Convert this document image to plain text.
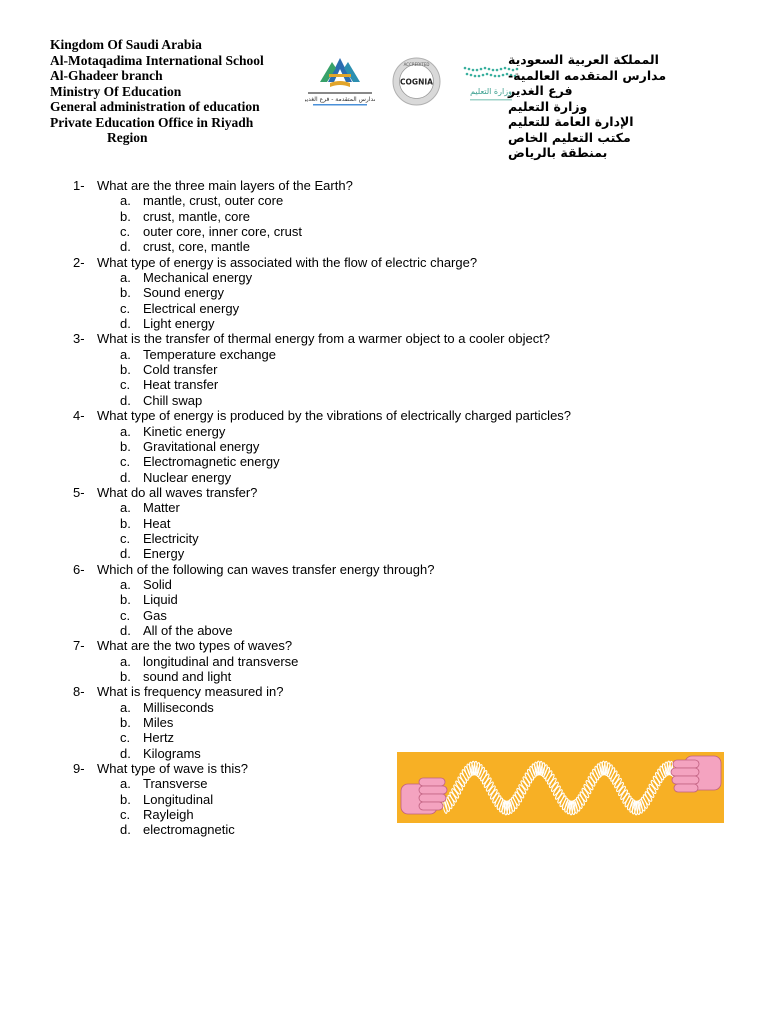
Kingdom Of Saudi Arabia
Al-Motaqadima International School
Al-Ghadeer branch
Ministry Of Education
General administration of education
Private Education Office in Riyadh
Region
مدارس المتقدمة - فرع الغدير
ACCREDITED
COGNIA
وزارة التعليم
المملكة العربية السعودية
مدارس المتقدمه العالمية-
فرع الغدير
وزارة التعليم
الإدارة العامة للتعليم
مكتب التعليم الخاص
بمنطقة بالرياض
1- What are the three main layers of the Earth?
a. mantle, crust, outer core
b. crust, mantle, core
c. outer core, inner core, crust
d. crust, core, mantle
2- What type of energy is associated with the flow of electric charge?
a. Mechanical energy
b. Sound energy
c. Electrical energy
d. Light energy
3- What is the transfer of thermal energy from a warmer object to a cooler object?
a. Temperature exchange
b. Cold transfer
c. Heat transfer
d. Chill swap
4- What type of energy is produced by the vibrations of electrically charged particles?
a. Kinetic energy
b. Gravitational energy
c. Electromagnetic energy
d. Nuclear energy
5- What do all waves transfer?
a. Matter
b. Heat
c. Electricity
d. Energy
6- Which of the following can waves transfer energy through?
a. Solid
b. Liquid
c. Gas
d. All of the above
7- What are the two types of waves?
a. longitudinal and transverse
b. sound and light
8- What is frequency measured in?
a. Milliseconds
b. Miles
c. Hertz
d. Kilograms
9- What type of wave is this?
a. Transverse
b. Longitudinal
c. Rayleigh
d. electromagnetic
